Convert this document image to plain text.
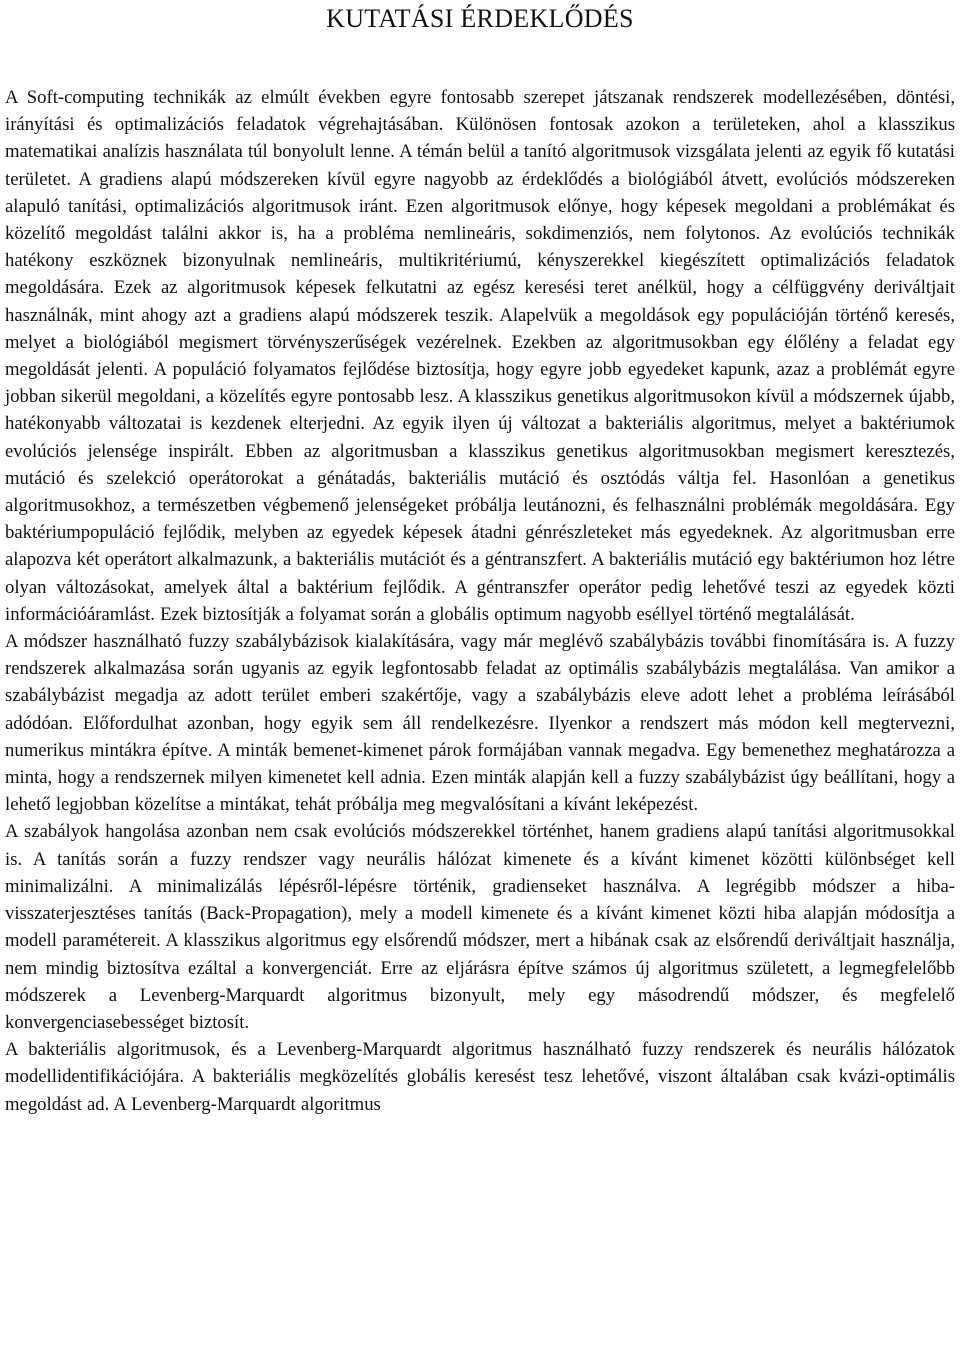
KUTATÁSI ÉRDEKLŐDÉS

A Soft-computing technikák az elmúlt években egyre fontosabb szerepet játszanak rendszerek modellezésében, döntési, irányítási és optimalizációs feladatok végrehajtásában. Különösen fontosak azokon a területeken, ahol a klasszikus matematikai analízis használata túl bonyolult lenne. A témán belül a tanító algoritmusok vizsgálata jelenti az egyik fő kutatási területet. A gradiens alapú módszereken kívül egyre nagyobb az érdeklődés a biológiából átvett, evolúciós módszereken alapuló tanítási, optimalizációs algoritmusok iránt. Ezen algoritmusok előnye, hogy képesek megoldani a problémákat és közelítő megoldást találni akkor is, ha a probléma nemlineáris, sokdimenziós, nem folytonos. Az evolúciós technikák hatékony eszköznek bizonyulnak nemlineáris, multikritériumú, kényszerekkel kiegészített optimalizációs feladatok megoldására. Ezek az algoritmusok képesek felkutatni az egész keresési teret anélkül, hogy a célfüggvény deriváltjait használnák, mint ahogy azt a gradiens alapú módszerek teszik. Alapelvük a megoldások egy populációján történő keresés, melyet a biológiából megismert törvényszerűségek vezérelnek. Ezekben az algoritmusokban egy élőlény a feladat egy megoldását jelenti. A populáció folyamatos fejlődése biztosítja, hogy egyre jobb egyedeket kapunk, azaz a problémát egyre jobban sikerül megoldani, a közelítés egyre pontosabb lesz. A klasszikus genetikus algoritmusokon kívül a módszernek újabb, hatékonyabb változatai is kezdenek elterjedni. Az egyik ilyen új változat a bakteriális algoritmus, melyet a baktériumok evolúciós jelensége inspirált. Ebben az algoritmusban a klasszikus genetikus algoritmusokban megismert keresztezés, mutáció és szelekció operátorokat a génátadás, bakteriális mutáció és osztódás váltja fel. Hasonlóan a genetikus algoritmusokhoz, a természetben végbemenő jelenségeket próbálja leutánozni, és felhasználni problémák megoldására. Egy baktériumpopuláció fejlődik, melyben az egyedek képesek átadni génrészleteket más egyedeknek. Az algoritmusban erre alapozva két operátort alkalmazunk, a bakteriális mutációt és a géntranszfert. A bakteriális mutáció egy baktériumon hoz létre olyan változásokat, amelyek által a baktérium fejlődik. A géntranszfer operátor pedig lehetővé teszi az egyedek közti információáramlást. Ezek biztosítják a folyamat során a globális optimum nagyobb eséllyel történő megtalálását.

A módszer használható fuzzy szabálybázisok kialakítására, vagy már meglévő szabálybázis további finomítására is. A fuzzy rendszerek alkalmazása során ugyanis az egyik legfontosabb feladat az optimális szabálybázis megtalálása. Van amikor a szabálybázist megadja az adott terület emberi szakértője, vagy a szabálybázis eleve adott lehet a probléma leírásából adódóan. Előfordulhat azonban, hogy egyik sem áll rendelkezésre. Ilyenkor a rendszert más módon kell megtervezni, numerikus mintákra építve. A minták bemenet-kimenet párok formájában vannak megadva. Egy bemenethez meghatározza a minta, hogy a rendszernek milyen kimenetet kell adnia. Ezen minták alapján kell a fuzzy szabálybázist úgy beállítani, hogy a lehető legjobban közelítse a mintákat, tehát próbálja meg megvalósítani a kívánt leképezést.

A szabályok hangolása azonban nem csak evolúciós módszerekkel történhet, hanem gradiens alapú tanítási algoritmusokkal is. A tanítás során a fuzzy rendszer vagy neurális hálózat kimenete és a kívánt kimenet közötti különbséget kell minimalizálni. A minimalizálás lépésről-lépésre történik, gradienseket használva. A legrégibb módszer a hiba-visszaterjesztéses tanítás (Back-Propagation), mely a modell kimenete és a kívánt kimenet közti hiba alapján módosítja a modell paramétereit. A klasszikus algoritmus egy elsőrendű módszer, mert a hibának csak az elsőrendű deriváltjait használja, nem mindig biztosítva ezáltal a konvergenciát. Erre az eljárásra építve számos új algoritmus született, a legmegfelelőbb módszerek a Levenberg-Marquardt algoritmus bizonyult, mely egy másodrendű módszer, és megfelelő konvergenciasebességet biztosít.

A bakteriális algoritmusok, és a Levenberg-Marquardt algoritmus használható fuzzy rendszerek és neurális hálózatok modellidentifikációjára. A bakteriális megközelítés globális keresést tesz lehetővé, viszont általában csak kvázi-optimális megoldást ad. A Levenberg-Marquardt algoritmus
